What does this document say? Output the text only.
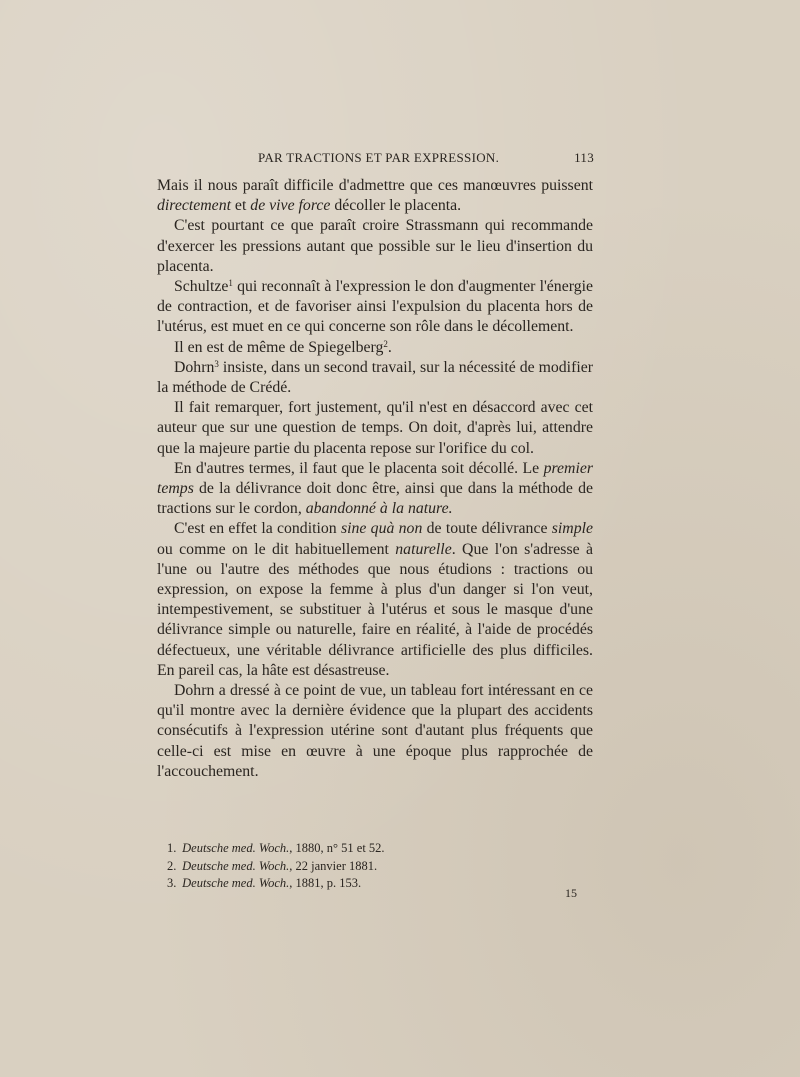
PAR TRACTIONS ET PAR EXPRESSION.	113

Mais il nous paraît difficile d'admettre que ces manœuvres puissent directement et de vive force décoller le placenta.

C'est pourtant ce que paraît croire Strassmann qui recommande d'exercer les pressions autant que possible sur le lieu d'insertion du placenta.

Schultze$^1$ qui reconnaît à l'expression le don d'augmenter l'énergie de contraction, et de favoriser ainsi l'expulsion du placenta hors de l'utérus, est muet en ce qui concerne son rôle dans le décollement.

Il en est de même de Spiegelberg$^2$.

Dohrn$^3$ insiste, dans un second travail, sur la nécessité de modifier la méthode de Crédé.

Il fait remarquer, fort justement, qu'il n'est en désaccord avec cet auteur que sur une question de temps. On doit, d'après lui, attendre que la majeure partie du placenta repose sur l'orifice du col.

En d'autres termes, il faut que le placenta soit décollé. Le premier temps de la délivrance doit donc être, ainsi que dans la méthode de tractions sur le cordon, abandonné à la nature.

C'est en effet la condition sine quà non de toute délivrance simple ou comme on le dit habituellement naturelle. Que l'on s'adresse à l'une ou l'autre des méthodes que nous étudions : tractions ou expression, on expose la femme à plus d'un danger si l'on veut, intempestivement, se substituer à l'utérus et sous le masque d'une délivrance simple ou naturelle, faire en réalité, à l'aide de procédés défectueux, une véritable délivrance artificielle des plus difficiles. En pareil cas, la hâte est désastreuse.

Dohrn a dressé à ce point de vue, un tableau fort intéressant en ce qu'il montre avec la dernière évidence que la plupart des accidents consécutifs à l'expression utérine sont d'autant plus fréquents que celle-ci est mise en œuvre à une époque plus rapprochée de l'accouchement.

1. Deutsche med. Woch., 1880, n° 51 et 52.

2. Deutsche med. Woch., 22 janvier 1881.

3. Deutsche med. Woch., 1881, p. 153.

15
